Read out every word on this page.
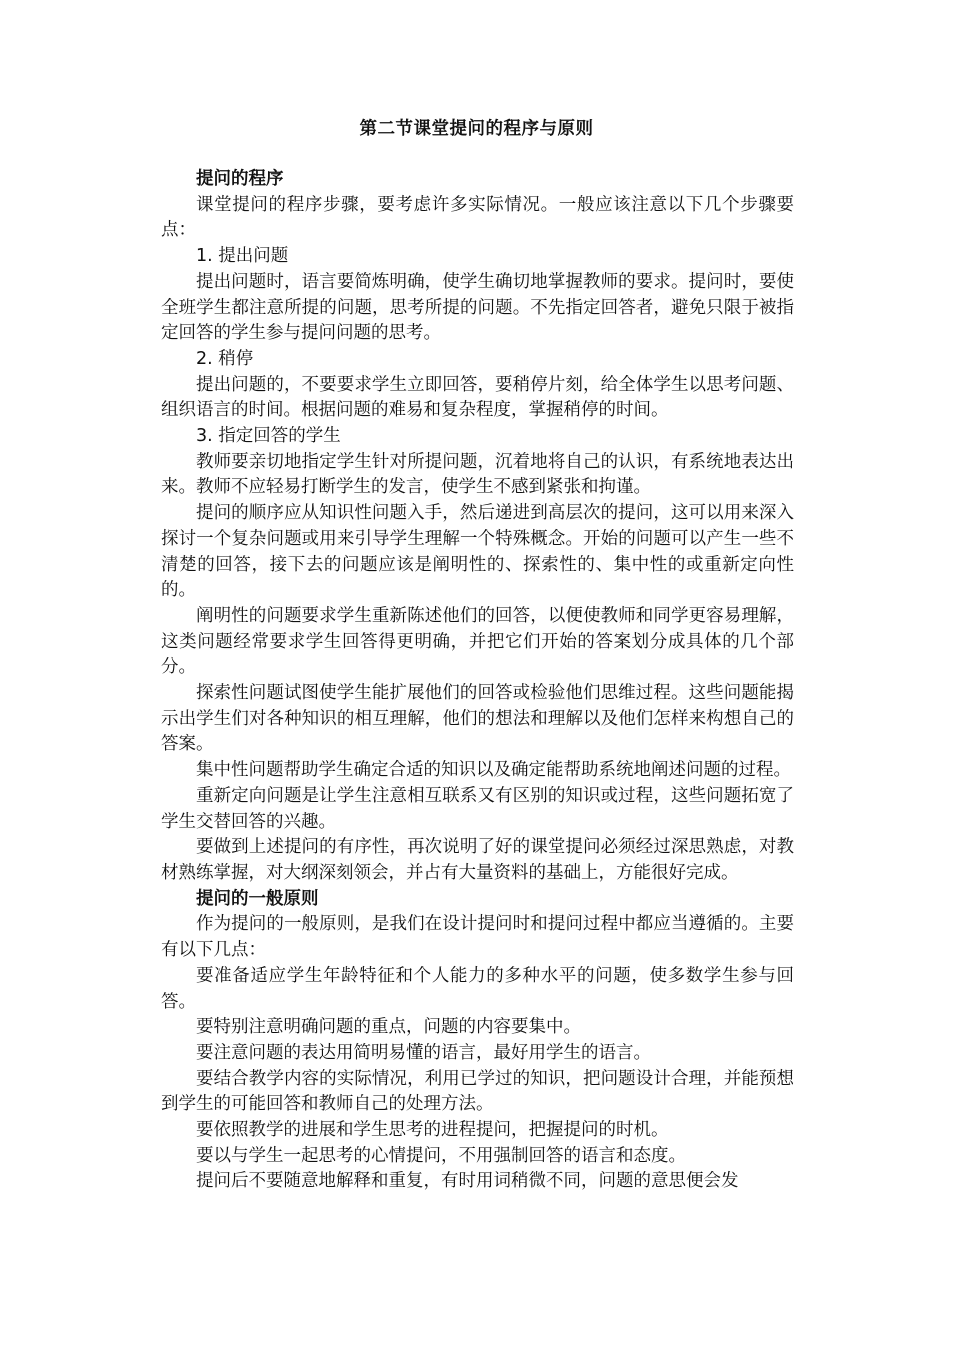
第二节课堂提问的程序与原则

提问的程序

课堂提问的程序步骤，要考虑许多实际情况。一般应该注意以下几个步骤要点：

1. 提出问题

提出问题时，语言要简炼明确，使学生确切地掌握教师的要求。提问时，要使全班学生都注意所提的问题，思考所提的问题。不先指定回答者，避免只限于被指定回答的学生参与提问问题的思考。

2. 稍停

提出问题的，不要要求学生立即回答，要稍停片刻，给全体学生以思考问题、组织语言的时间。根据问题的难易和复杂程度，掌握稍停的时间。

3. 指定回答的学生

教师要亲切地指定学生针对所提问题，沉着地将自己的认识，有系统地表达出来。教师不应轻易打断学生的发言，使学生不感到紧张和拘谨。

提问的顺序应从知识性问题入手，然后递进到高层次的提问，这可以用来深入探讨一个复杂问题或用来引导学生理解一个特殊概念。开始的问题可以产生一些不清楚的回答，接下去的问题应该是阐明性的、探索性的、集中性的或重新定向性的。

阐明性的问题要求学生重新陈述他们的回答，以便使教师和同学更容易理解，这类问题经常要求学生回答得更明确，并把它们开始的答案划分成具体的几个部分。

探索性问题试图使学生能扩展他们的回答或检验他们思维过程。这些问题能揭示出学生们对各种知识的相互理解，他们的想法和理解以及他们怎样来构想自己的答案。

集中性问题帮助学生确定合适的知识以及确定能帮助系统地阐述问题的过程。

重新定向问题是让学生注意相互联系又有区别的知识或过程，这些问题拓宽了学生交替回答的兴趣。

要做到上述提问的有序性，再次说明了好的课堂提问必须经过深思熟虑，对教材熟练掌握，对大纲深刻领会，并占有大量资料的基础上，方能很好完成。

提问的一般原则

作为提问的一般原则，是我们在设计提问时和提问过程中都应当遵循的。主要有以下几点：

要准备适应学生年龄特征和个人能力的多种水平的问题，使多数学生参与回答。

要特别注意明确问题的重点，问题的内容要集中。

要注意问题的表达用简明易懂的语言，最好用学生的语言。

要结合教学内容的实际情况，利用已学过的知识，把问题设计合理，并能预想到学生的可能回答和教师自己的处理方法。

要依照教学的进展和学生思考的进程提问，把握提问的时机。

要以与学生一起思考的心情提问，不用强制回答的语言和态度。

提问后不要随意地解释和重复，有时用词稍微不同，问题的意思便会发
